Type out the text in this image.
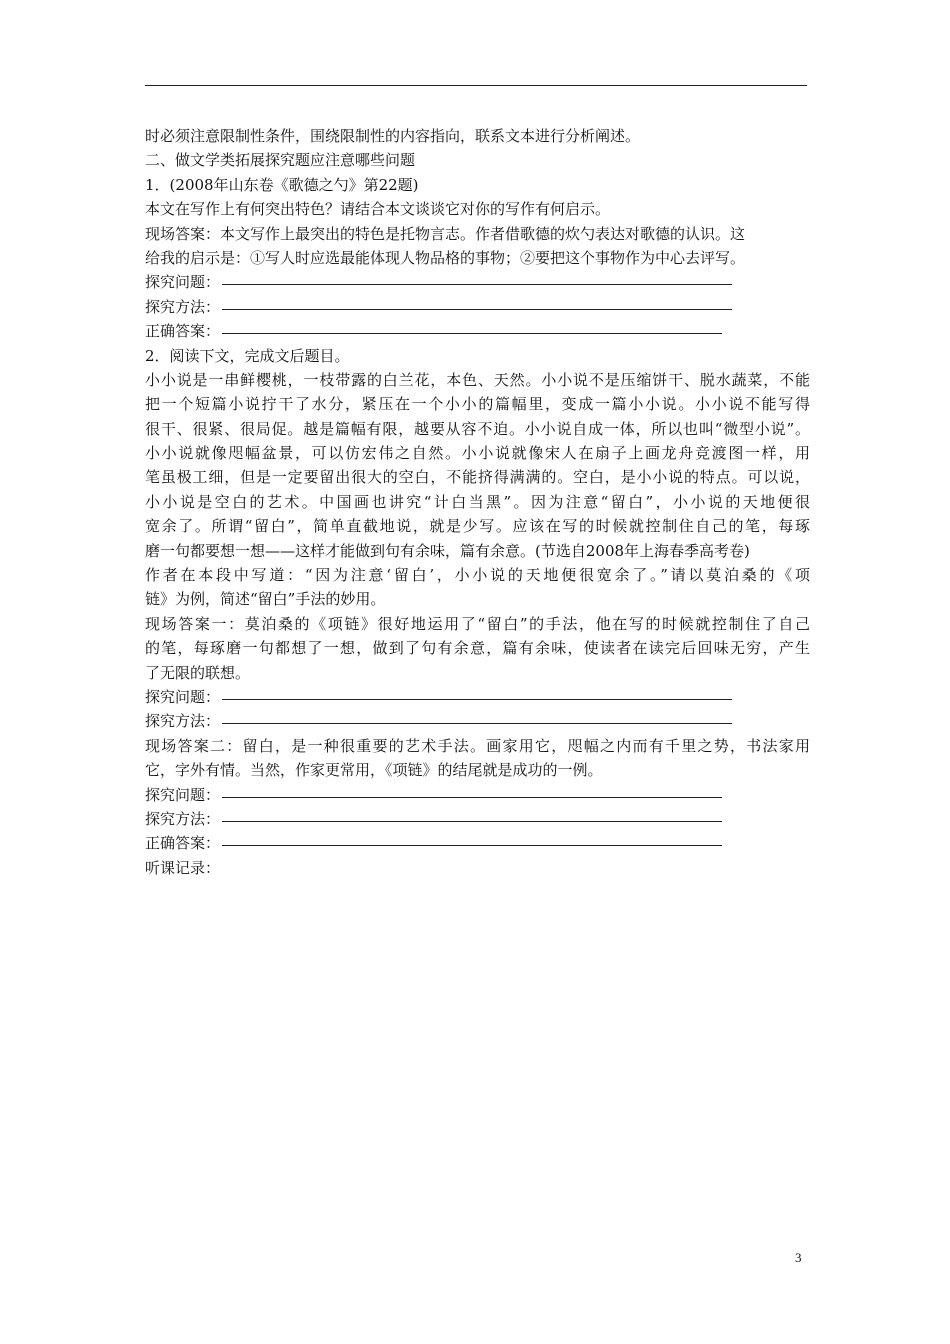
时必须注意限制性条件，围绕限制性的内容指向，联系文本进行分析阐述。
二、做文学类拓展探究题应注意哪些问题
1．(2008年山东卷《歌德之勺》第22题)
本文在写作上有何突出特色？请结合本文谈谈它对你的写作有何启示。
现场答案：本文写作上最突出的特色是托物言志。作者借歌德的炊勺表达对歌德的认识。这
给我的启示是：①写人时应选最能体现人物品格的事物；②要把这个事物作为中心去评写。
探究问题：
探究方法：
正确答案：
2．阅读下文，完成文后题目。
小小说是一串鲜樱桃，一枝带露的白兰花，本色、天然。小小说不是压缩饼干、脱水蔬菜，不能
把一个短篇小说拧干了水分，紧压在一个小小的篇幅里，变成一篇小小说。小小说不能写得
很干、很紧、很局促。越是篇幅有限，越要从容不迫。小小说自成一体，所以也叫“微型小说”。
小小说就像咫幅盆景，可以仿宏伟之自然。小小说就像宋人在扇子上画龙舟竞渡图一样，用
笔虽极工细，但是一定要留出很大的空白，不能挤得满满的。空白，是小小说的特点。可以说，
小小说是空白的艺术。中国画也讲究“计白当黑”。因为注意“留白”，小小说的天地便很
宽余了。所谓“留白”，简单直截地说，就是少写。应该在写的时候就控制住自己的笔，每琢
磨一句都要想一想——这样才能做到句有余味，篇有余意。(节选自2008年上海春季高考卷)
作者在本段中写道：“因为注意‘留白’，小小说的天地便很宽余了。”请以莫泊桑的《项
链》为例，简述“留白”手法的妙用。
现场答案一：莫泊桑的《项链》很好地运用了“留白”的手法，他在写的时候就控制住了自己
的笔，每琢磨一句都想了一想，做到了句有余意，篇有余味，使读者在读完后回味无穷，产生
了无限的联想。
探究问题：
探究方法：
现场答案二：留白，是一种很重要的艺术手法。画家用它，咫幅之内而有千里之势，书法家用
它，字外有情。当然，作家更常用，《项链》的结尾就是成功的一例。
探究问题：
探究方法：
正确答案：
听课记录：
3
